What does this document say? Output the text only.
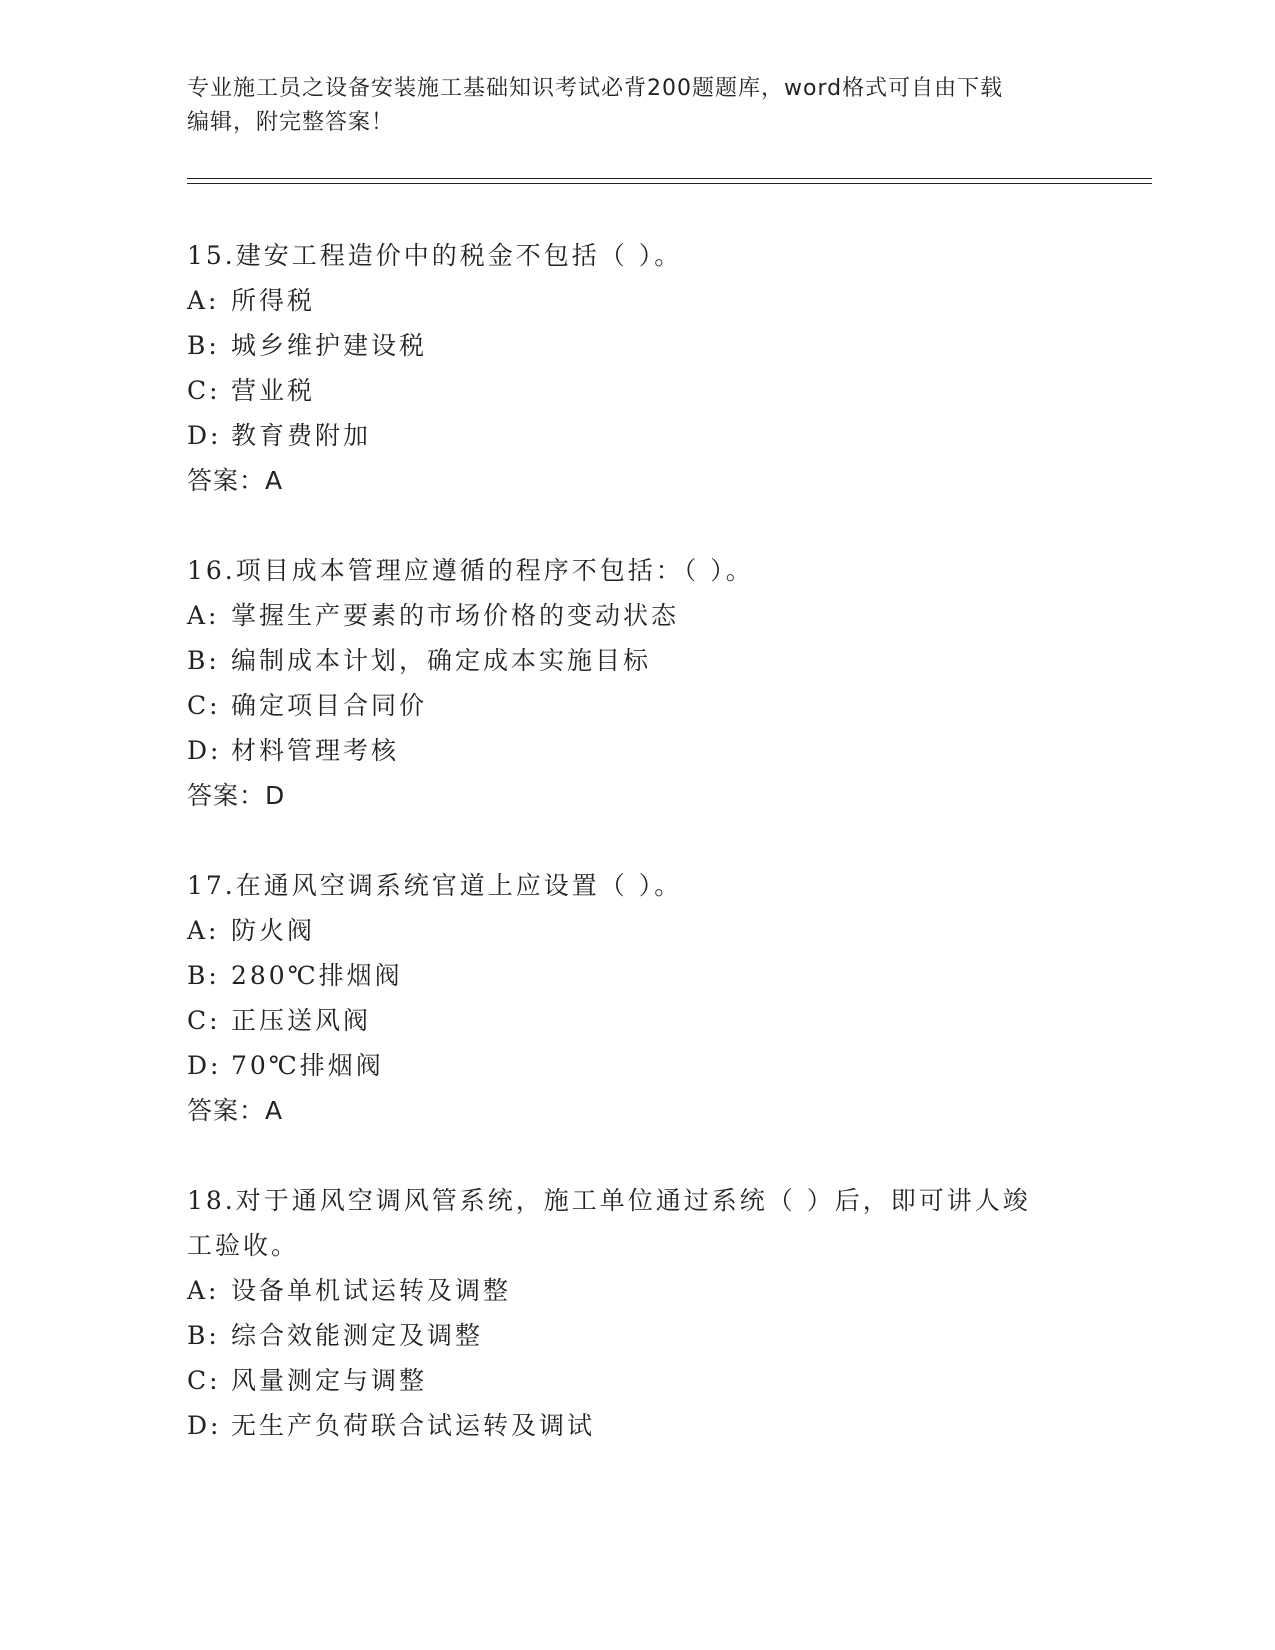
专业施工员之设备安装施工基础知识考试必背200题题库，word格式可自由下载
编辑，附完整答案！
15.建安工程造价中的税金不包括（ ）。
A: 所得税
B: 城乡维护建设税
C: 营业税
D: 教育费附加
答案：A
16.项目成本管理应遵循的程序不包括：（ ）。
A: 掌握生产要素的市场价格的变动状态
B: 编制成本计划，确定成本实施目标
C: 确定项目合同价
D: 材料管理考核
答案：D
17.在通风空调系统官道上应设置（ ）。
A: 防火阀
B: 280℃排烟阀
C: 正压送风阀
D: 70℃排烟阀
答案：A
18.对于通风空调风管系统，施工单位通过系统（ ）后，即可讲人竣工验收。
A: 设备单机试运转及调整
B: 综合效能测定及调整
C: 风量测定与调整
D: 无生产负荷联合试运转及调试
